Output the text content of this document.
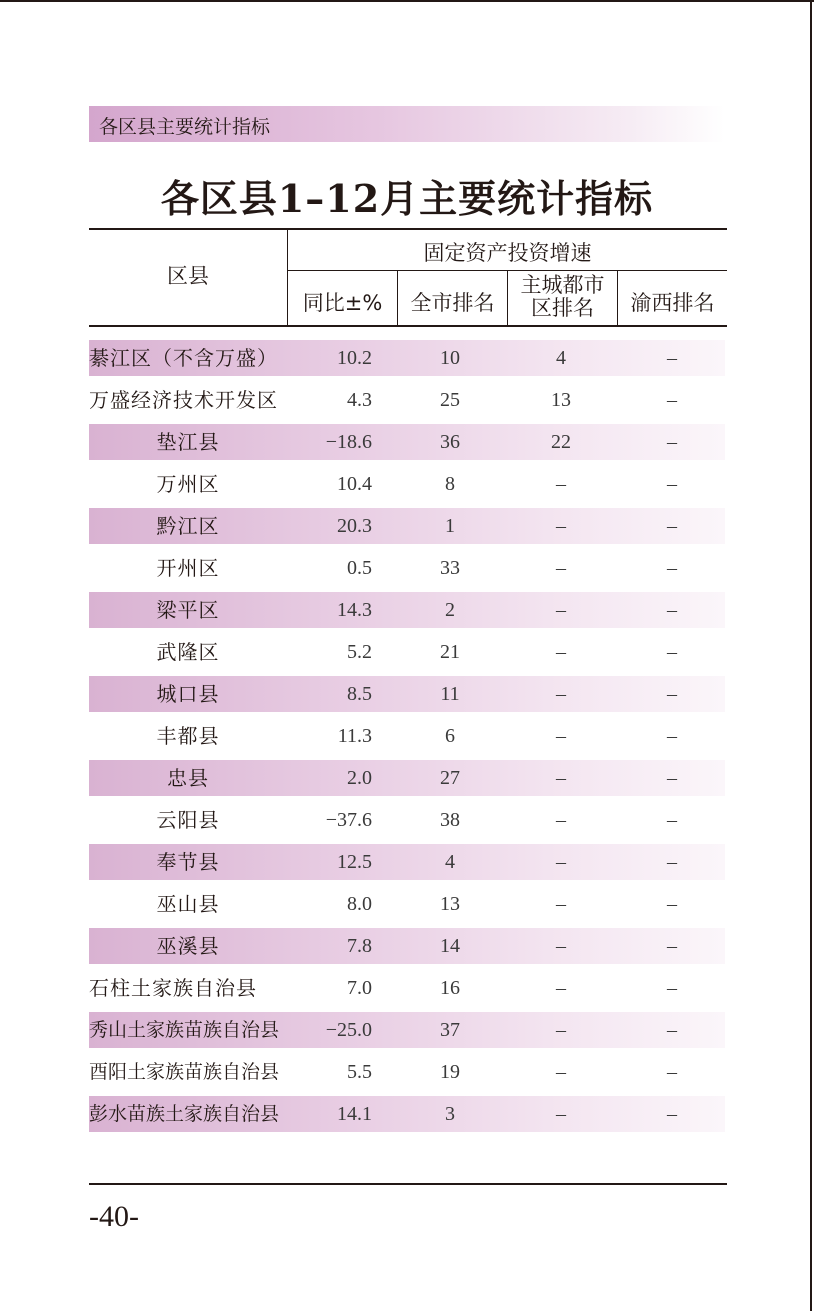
各区县主要统计指标
各区县1–12月主要统计指标
区县
固定资产投资增速
同比±%	全市排名
主城都市
区排名	渝西排名
綦江区（不含万盛）	10.2	10	4	–
万盛经济技术开发区	4.3	25	13	–
垫江县	−18.6	36	22	–
万州区	10.4	8	–	–
黔江区	20.3	1	–	–
开州区	0.5	33	–	–
梁平区	14.3	2	–	–
武隆区	5.2	21	–	–
城口县	8.5	11	–	–
丰都县	11.3	6	–	–
忠县	2.0	27	–	–
云阳县	−37.6	38	–	–
奉节县	12.5	4	–	–
巫山县	8.0	13	–	–
巫溪县	7.8	14	–	–
石柱土家族自治县	7.0	16	–	–
秀山土家族苗族自治县 −25.0	37	–	–
酉阳土家族苗族自治县	5.5	19	–	–
彭水苗族土家族自治县	14.1	3	–	–
-40-
